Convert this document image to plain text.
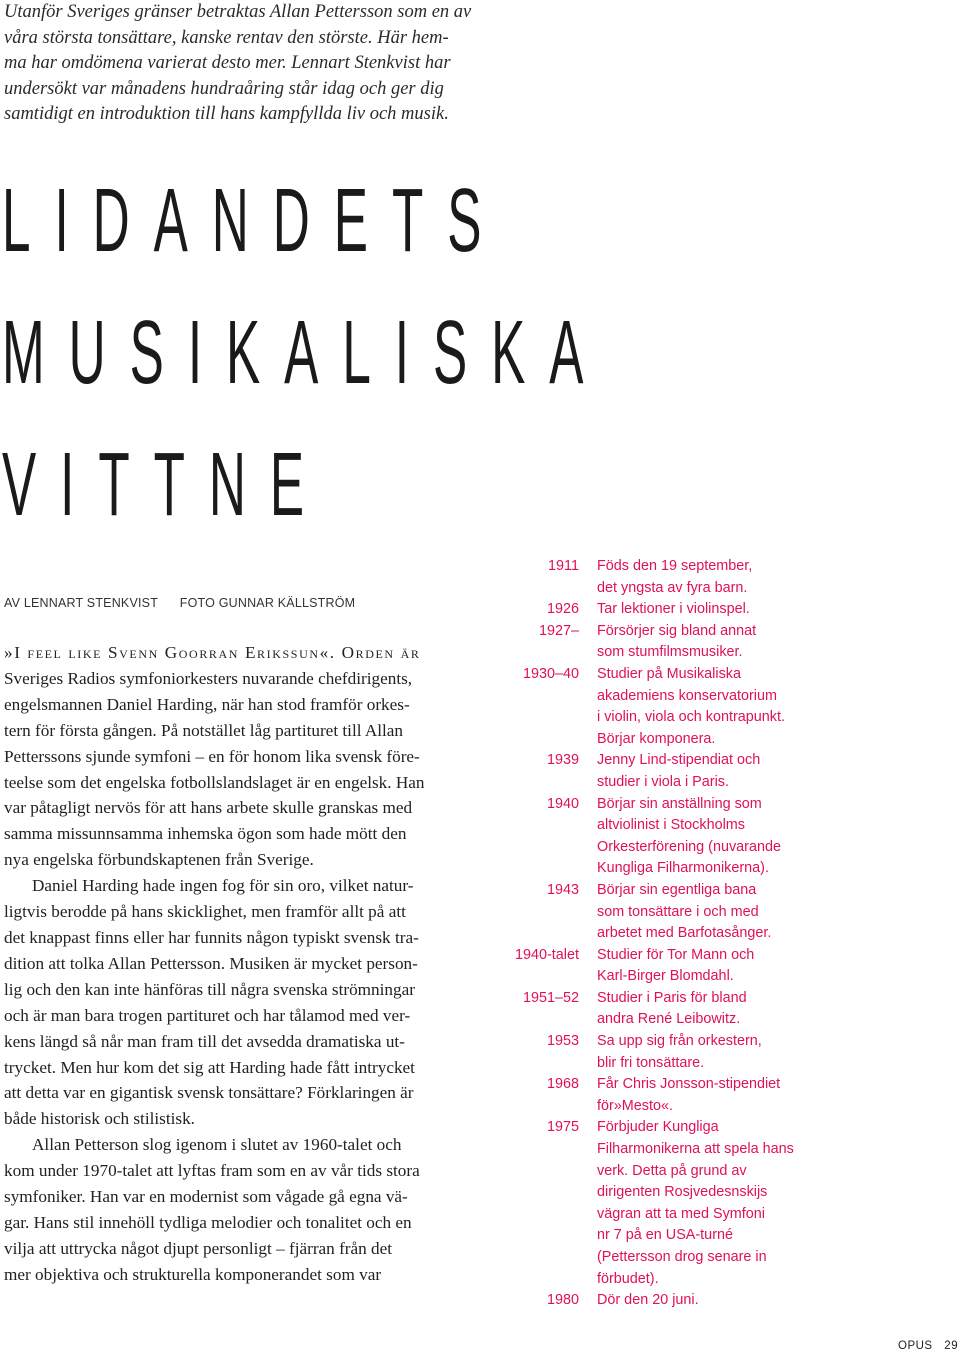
Utanför Sveriges gränser betraktas Allan Pettersson som en av
våra största tonsättare, kanske rentav den störste. Här hem-
ma har omdömena varierat desto mer. Lennart Stenkvist har
undersökt var månadens hundraåring står idag och ger dig
samtidigt en introduktion till hans kampfyllda liv och musik.
LIDANDETS
MUSIKALISKA
VITTNE
AV LENNART STENKVIST FOTO GUNNAR KÄLLSTRÖM
»I feel like Svenn Goorran Erikssun«. Orden är
Sveriges Radios symfoniorkesters nuvarande chefdirigents,
engelsmannen Daniel Harding, när han stod framför orkes-
tern för första gången. På notstället låg partituret till Allan
Petterssons sjunde symfoni – en för honom lika svensk före-
teelse som det engelska fotbollslandslaget är en engelsk. Han
var påtagligt nervös för att hans arbete skulle granskas med
samma missunnsamma inhemska ögon som hade mött den
nya engelska förbundskaptenen från Sverige.
Daniel Harding hade ingen fog för sin oro, vilket natur-
ligtvis berodde på hans skicklighet, men framför allt på att
det knappast finns eller har funnits någon typiskt svensk tra-
dition att tolka Allan Pettersson. Musiken är mycket person-
lig och den kan inte hänföras till några svenska strömningar
och är man bara trogen partituret och har tålamod med ver-
kens längd så når man fram till det avsedda dramatiska ut-
trycket. Men hur kom det sig att Harding hade fått intrycket
att detta var en gigantisk svensk tonsättare? Förklaringen är
både historisk och stilistisk.
Allan Petterson slog igenom i slutet av 1960-talet och
kom under 1970-talet att lyftas fram som en av vår tids stora
symfoniker. Han var en modernist som vågade gå egna vä-
gar. Hans stil innehöll tydliga melodier och tonalitet och en
vilja att uttrycka något djupt personligt – fjärran från det
mer objektiva och strukturella komponerandet som var
1911 Föds den 19 september,
det yngsta av fyra barn.
1926 Tar lektioner i violinspel.
1927– Försörjer sig bland annat
som stumfilmsmusiker.
1930–40 Studier på Musikaliska
akademiens konservatorium
i violin, viola och kontrapunkt.
Börjar komponera.
1939 Jenny Lind-stipendiat och
studier i viola i Paris.
1940 Börjar sin anställning som
altviolinist i Stockholms
Orkesterförening (nuvarande
Kungliga Filharmonikerna).
1943 Börjar sin egentliga bana
som tonsättare i och med
arbetet med Barfotasånger.
1940-talet Studier för Tor Mann och
Karl-Birger Blomdahl.
1951–52 Studier i Paris för bland
andra René Leibowitz.
1953 Sa upp sig från orkestern,
blir fri tonsättare.
1968 Får Chris Jonsson-stipendiet
för»Mesto«.
1975 Förbjuder Kungliga
Filharmonikerna att spela hans
verk. Detta på grund av
dirigenten Rosjvedesnskijs
vägran att ta med Symfoni
nr 7 på en USA-turné
(Pettersson drog senare in
förbudet).
1980 Dör den 20 juni.
OPUS 29
